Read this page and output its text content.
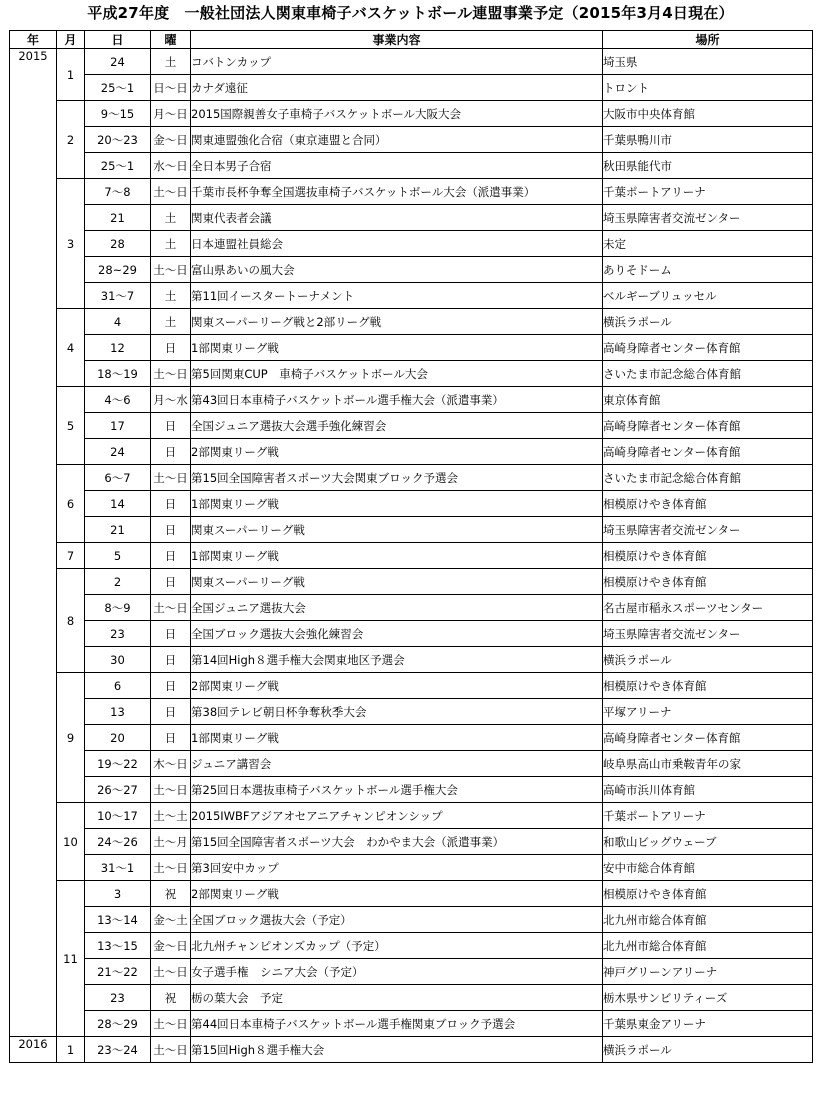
平成27年度　一般社団法人関東車椅子バスケットボール連盟事業予定（2015年3月4日現在）
年	月	日	曜	事業内容	場所
2015	1	24	土	コバトンカップ	埼玉県
		25～1	日～日	カナダ遠征	トロント
	2	9～15	月～日	2015国際親善女子車椅子バスケットボール大阪大会	大阪市中央体育館
		20～23	金～日	関東連盟強化合宿（東京連盟と合同）	千葉県鴨川市
		25～1	水～日	全日本男子合宿	秋田県能代市
	3	7～8	土～日	千葉市長杯争奪全国選抜車椅子バスケットボール大会（派遣事業）	千葉ポートアリーナ
		21	土	関東代表者会議	埼玉県障害者交流ゼンター
		28	土	日本連盟社員総会	未定
		28~29	土～日	富山県あいの風大会	ありそドーム
		31～7	土	第11回イースタートーナメント	ベルギーブリュッセル
	4	4	土	関東スーパーリーグ戦と2部リーグ戦	横浜ラポール
		12	日	1部関東リーグ戦	高崎身障者センター体育館
		18～19	土～日	第5回関東CUP　車椅子バスケットボール大会	さいたま市記念総合体育館
	5	4～6	月～水	第43回日本車椅子バスケットボール選手権大会（派遣事業）	東京体育館
		17	日	全国ジュニア選抜大会選手強化練習会	高崎身障者センター体育館
		24	日	2部関東リーグ戦	高崎身障者センター体育館
	6	6～7	土～日	第15回全国障害者スポーツ大会関東ブロック予選会	さいたま市記念総合体育館
		14	日	1部関東リーグ戦	相模原けやき体育館
		21	日	関東スーパーリーグ戦	埼玉県障害者交流ゼンター
	7	5	日	1部関東リーグ戦	相模原けやき体育館
	8	2	日	関東スーパーリーグ戦	相模原けやき体育館
		8～9	土～日	全国ジュニア選抜大会	名古屋市稲永スポーツセンター
		23	日	全国ブロック選抜大会強化練習会	埼玉県障害者交流ゼンター
		30	日	第14回High８選手権大会関東地区予選会	横浜ラポール
	9	6	日	2部関東リーグ戦	相模原けやき体育館
		13	日	第38回テレビ朝日杯争奪秋季大会	平塚アリーナ
		20	日	1部関東リーグ戦	高崎身障者センター体育館
		19～22	木～日	ジュニア講習会	岐阜県高山市乗鞍青年の家
		26～27	土～日	第25回日本選抜車椅子バスケットボール選手権大会	高崎市浜川体育館
	10	10～17	土～土	2015IWBFアジアオセアニアチャンピオンシップ	千葉ポートアリーナ
		24～26	土～月	第15回全国障害者スポーツ大会　わかやま大会（派遣事業）	和歌山ビッグウェーブ
		31～1	土～日	第3回安中カップ	安中市総合体育館
	11	3	祝	2部関東リーグ戦	相模原けやき体育館
		13～14	金～土	全国ブロック選抜大会（予定）	北九州市総合体育館
		13～15	金～日	北九州チャンピオンズカップ（予定）	北九州市総合体育館
		21～22	土～日	女子選手権　シニア大会（予定）	神戸グリーンアリーナ
		23	祝	栃の葉大会　予定	栃木県サンビリティーズ
		28～29	土～日	第44回日本車椅子バスケットボール選手権関東ブロック予選会	千葉県東金アリーナ
2016	1	23～24	土～日	第15回High８選手権大会	横浜ラポール
